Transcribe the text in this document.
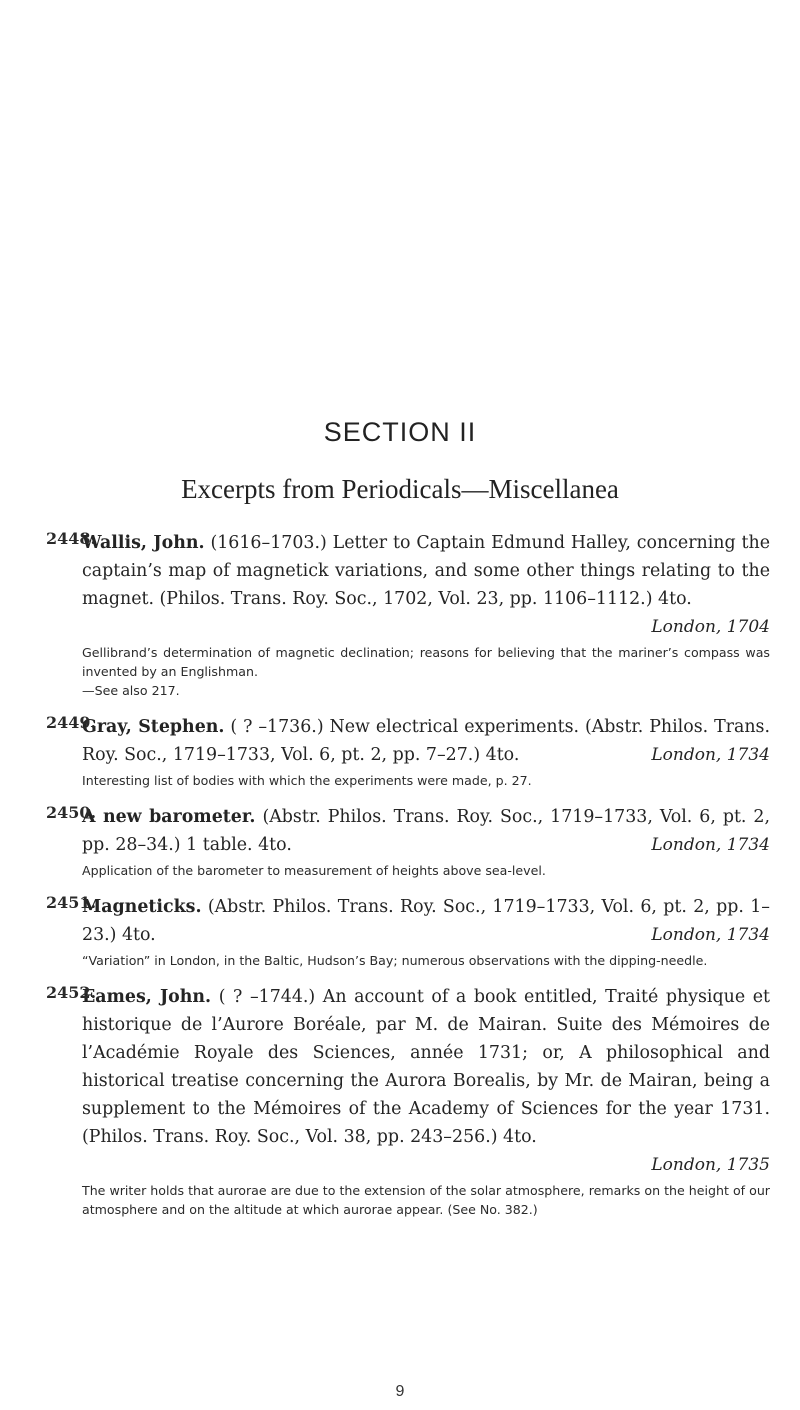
SECTION II
Excerpts from Periodicals—Miscellanea
2448.
Wallis, John. (1616–1703.) Letter to Captain Edmund Halley, concerning the captain’s map of magnetick variations, and some other things relating to the magnet. (Philos. Trans. Roy. Soc., 1702, Vol. 23, pp. 1106–1112.) 4to.
London, 1704
Gellibrand’s determination of magnetic declination; reasons for believing that the mariner’s compass was invented by an Englishman.
—See also 217.
2449.
Gray, Stephen. ( ? –1736.) New electrical experiments. (Abstr. Philos. Trans. Roy. Soc., 1719–1733, Vol. 6, pt. 2, pp. 7–27.) 4to.	London, 1734
Interesting list of bodies with which the experiments were made, p. 27.
2450.
A new barometer. (Abstr. Philos. Trans. Roy. Soc., 1719–1733, Vol. 6, pt. 2, pp. 28–34.) 1 table. 4to.	London, 1734
Application of the barometer to measurement of heights above sea-level.
2451.
Magneticks. (Abstr. Philos. Trans. Roy. Soc., 1719–1733, Vol. 6, pt. 2, pp. 1–23.) 4to.	London, 1734
“Variation” in London, in the Baltic, Hudson’s Bay; numerous observations with the dipping-needle.
2452.
Eames, John. ( ? –1744.) An account of a book entitled, Traité physique et historique de l’Aurore Boréale, par M. de Mairan. Suite des Mémoires de l’Académie Royale des Sciences, année 1731; or, A philosophical and historical treatise concerning the Aurora Borealis, by Mr. de Mairan, being a supplement to the Mémoires of the Academy of Sciences for the year 1731. (Philos. Trans. Roy. Soc., Vol. 38, pp. 243–256.) 4to.
London, 1735
The writer holds that aurorae are due to the extension of the solar atmosphere, remarks on the height of our atmosphere and on the altitude at which aurorae appear. (See No. 382.)
9
